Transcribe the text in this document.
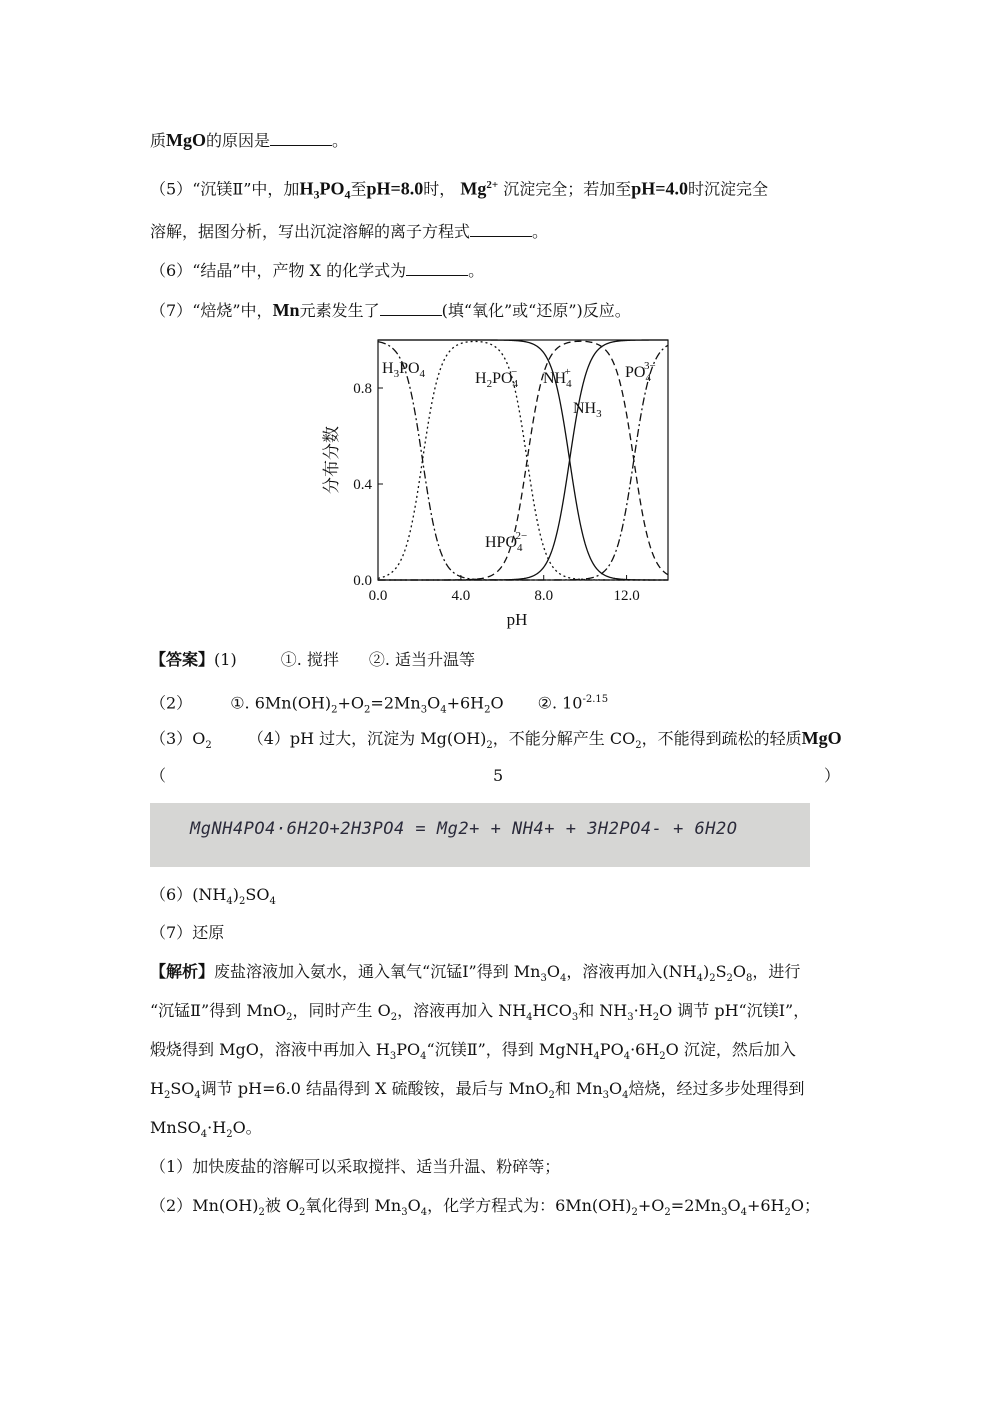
质MgO的原因是	。
（5）“沉镁Ⅱ”中，加$H_3PO_4$至pH=8.0时， $Mg^{2+}$ 沉淀完全；若加至pH=4.0时沉淀完全
溶解，据图分析，写出沉淀溶解的离子方程式	。
（6）“结晶”中，产物 X 的化学式为	。
（7）“焙烧”中，Mn元素发生了	(填“氧化”或“还原”)反应。
0.0	4.0	8.0	12.0
0.0
0.4
0.8
分布分数
pH
$H_3PO_4$	$H_2PO_4- NH_4+$
$NH_3$
$PO_43-$
$HPO_42-$
【答案】(1)	①. 搅拌 ②. 适当升温等
（2） ①. $6Mn(OH)_2+O_2=2Mn_3O_4+6H_2O$ ②. $10^{-2.15}$
$(3)O_2$ （4）pH 过大，沉淀为 $Mg(OH)_2$，不能分解产生 $CO_2$，不能得到疏松的轻质MgO
（	5	）
MgNH4PO4·6H2O+2H3PO4 = Mg2+ + NH4+ + 3H2PO4- + 6H2O
$(6)(NH_4)_2SO_4$
（7）还原
【解析】废盐溶液加入氨水，通入氧气“沉锰Ⅰ”得到 $Mn_3O_4$，溶液再加入$(NH_4)_2S_2O_8$，进行
“沉锰Ⅱ”得到 MnO$_2$，同时产生 $O_2$，溶液再加入 $NH_4HCO_3$和 $NH_3\cdot H_2O$ 调节 pH“沉镁Ⅰ”，
煅烧得到 MgO，溶液中再加入 $H_3PO_4“$沉镁Ⅱ”，得到 $MgNH_4PO_4\cdot 6H_2O$ 沉淀，然后加入
$H_2SO_4$调节 pH=6.0 结晶得到 X 硫酸铵，最后与 MnO$_2$和 $Mn_3O_4$焙烧，经过多步处理得到
$MnSO_4\cdot H_2O$。
（1）加快废盐的溶解可以采取搅拌、适当升温、粉碎等；
$(2)Mn(OH)_2$被 $O_2$氧化得到 $Mn_3O_4$，化学方程式为：$6Mn(OH)_2+O_2=2Mn_3O_4+6H_2O$；
